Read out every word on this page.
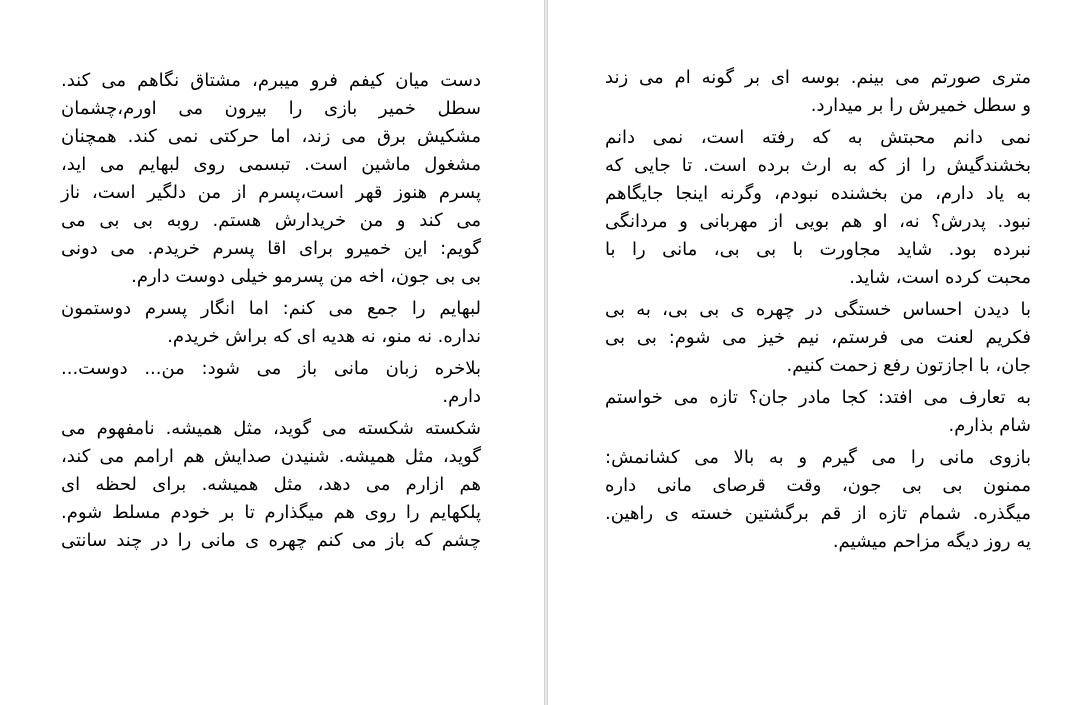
دست میان کیفم فرو میبرم، مشتاق نگاهم می کند.
سطل خمیر بازی را بیرون می اورم،چشمان
مشکیش برق می زند، اما حرکتی نمی کند. همچنان
مشغول ماشین است. تبسمی روی لبهایم می اید،
پسرم هنوز قهر است،پسرم از من دلگیر است، ناز
می کند و من خریدارش هستم. روبه بی بی می
گویم: این خمیرو برای اقا پسرم خریدم. می دونی
بی بی جون، اخه من پسرمو خیلی دوست دارم.
لبهایم را جمع می کنم: اما انگار پسرم دوستمون
نداره. نه منو، نه هدیه ای که براش خریدم.
بلاخره زبان مانی باز می شود: من... دوست...
دارم.
شکسته شکسته می گوید، مثل همیشه. نامفهوم می
گوید، مثل همیشه. شنیدن صدایش هم ارامم می کند،
هم ازارم می دهد، مثل همیشه. برای لحظه ای
پلکهایم را روی هم میگذارم تا بر خودم مسلط شوم.
چشم که باز می کنم چهره ی مانی را در چند سانتی
متری صورتم می بینم. بوسه ای بر گونه ام می زند
و سطل خمیرش را بر میدارد.
نمی دانم محبتش به که رفته است، نمی دانم
بخشندگیش را از که به ارث برده است. تا جایی که
به یاد دارم، من بخشنده نبودم، وگرنه اینجا جایگاهم
نبود. پدرش؟ نه، او هم بویی از مهربانی و مردانگی
نبرده بود. شاید مجاورت با بی بی، مانی را با
محبت کرده است، شاید.
با دیدن احساس خستگی در چهره ی بی بی، به بی
فکریم لعنت می فرستم، نیم خیز می شوم: بی بی
جان، با اجازتون رفع زحمت کنیم.
به تعارف می افتد: کجا مادر جان؟ تازه می خواستم
شام بذارم.
بازوی مانی را می گیرم و به بالا می کشانمش:
ممنون بی بی جون، وقت قرصای مانی داره
میگذره. شمام تازه از قم برگشتین خسته ی راهین.
یه روز دیگه مزاحم میشیم.
